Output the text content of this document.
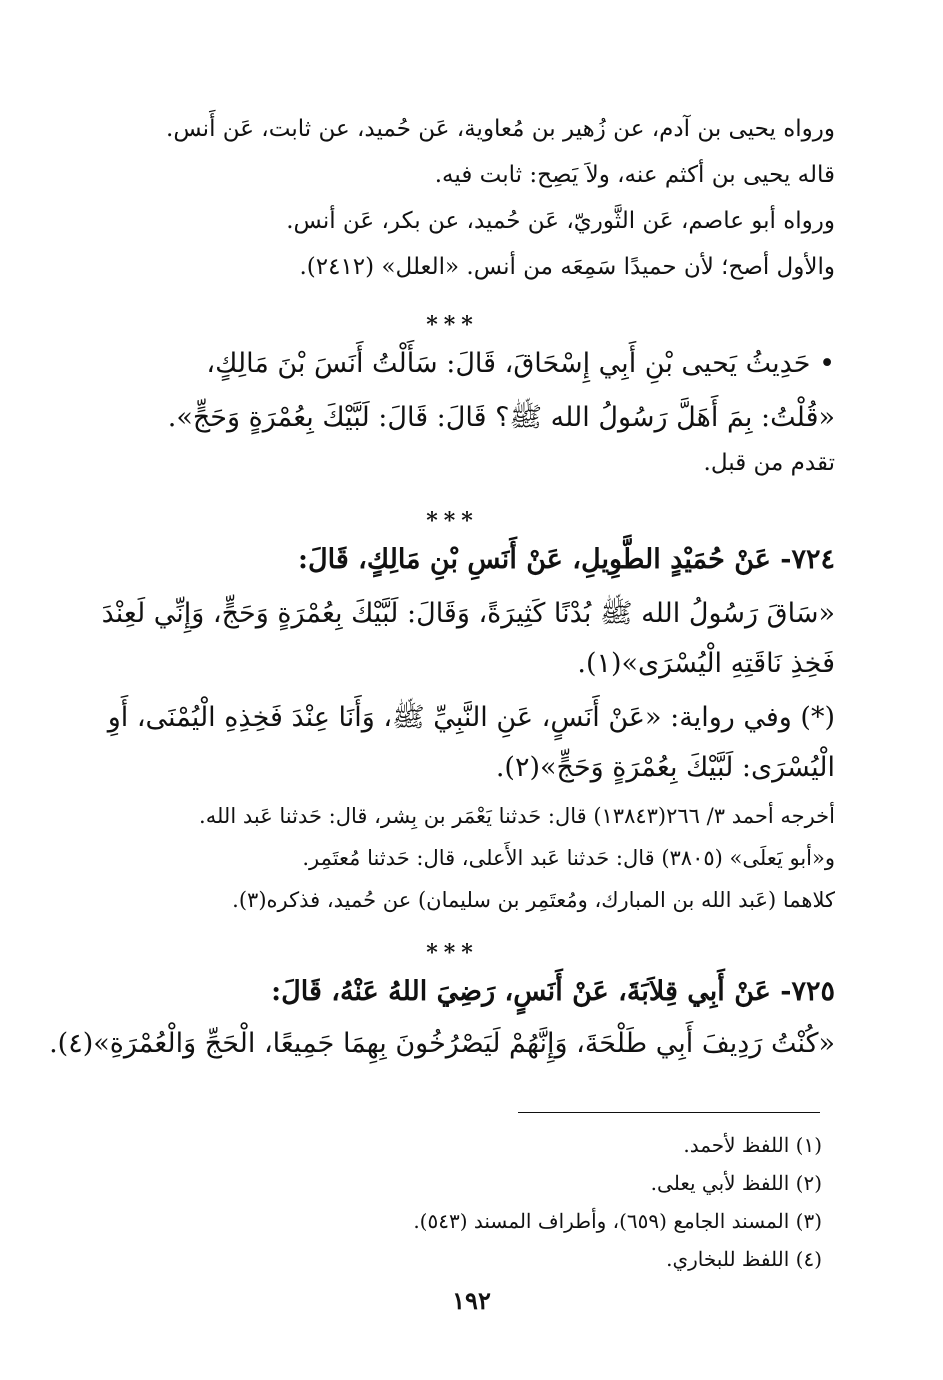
ورواه يحيى بن آدم، عن زُهير بن مُعاوية، عَن حُميد، عن ثابت، عَن أَنس.
قاله يحيى بن أكثم عنه، ولاَ يَصِح: ثابت فيه.
ورواه أبو عاصم، عَن الثَّوريّ، عَن حُميد، عن بكر، عَن أنس.
والأول أصح؛ لأن حميدًا سَمِعَه من أنس. «العلل» (٢٤١٢).
***
• حَدِيثُ يَحيى بْنِ أَبِي إِسْحَاقَ، قَالَ: سَأَلْتُ أَنَسَ بْنَ مَالِكٍ،
«قُلْتُ: بِمَ أَهَلَّ رَسُولُ الله ﷺ؟ قَالَ: قَالَ: لَبَّيْكَ بِعُمْرَةٍ وَحَجٍّ».
تقدم من قبل.
***
٧٢٤- عَنْ حُمَيْدٍ الطَّوِيلِ، عَنْ أَنَسِ بْنِ مَالِكٍ، قَالَ:
«سَاقَ رَسُولُ الله ﷺ بُدْنًا كَثِيرَةً، وَقَالَ: لَبَّيْكَ بِعُمْرَةٍ وَحَجٍّ، وَإِنِّي لَعِنْدَ
فَخِذِ نَاقَتِهِ الْيُسْرَى»(١).
(*) وفي رواية: «عَنْ أَنَسٍ، عَنِ النَّبِيِّ ﷺ، وَأَنَا عِنْدَ فَخِذِهِ الْيُمْنَى، أَوِ
الْيُسْرَى: لَبَّيْكَ بِعُمْرَةٍ وَحَجٍّ»(٢).
أخرجه أحمد ٣/ ٢٦٦(١٣٨٤٣) قال: حَدثنا يَعْمَر بن بِشر، قال: حَدثنا عَبد الله.
و«أبو يَعلَى» (٣٨٠٥) قال: حَدثنا عَبد الأَعلى، قال: حَدثنا مُعتَمِر.
كلاهما (عَبد الله بن المبارك، ومُعتَمِر بن سليمان) عن حُميد، فذكره(٣).
***
٧٢٥- عَنْ أَبِي قِلاَبَةَ، عَنْ أَنَسٍ، رَضِيَ اللهُ عَنْهُ، قَالَ:
«كُنْتُ رَدِيفَ أَبِي طَلْحَةَ، وَإِنَّهُمْ لَيَصْرُخُونَ بِهِمَا جَمِيعًا، الْحَجِّ وَالْعُمْرَةِ»(٤).
(١) اللفظ لأحمد.
(٢) اللفظ لأبي يعلى.
(٣) المسند الجامع (٦٥٩)، وأطراف المسند (٥٤٣).
(٤) اللفظ للبخاري.
١٩٢
